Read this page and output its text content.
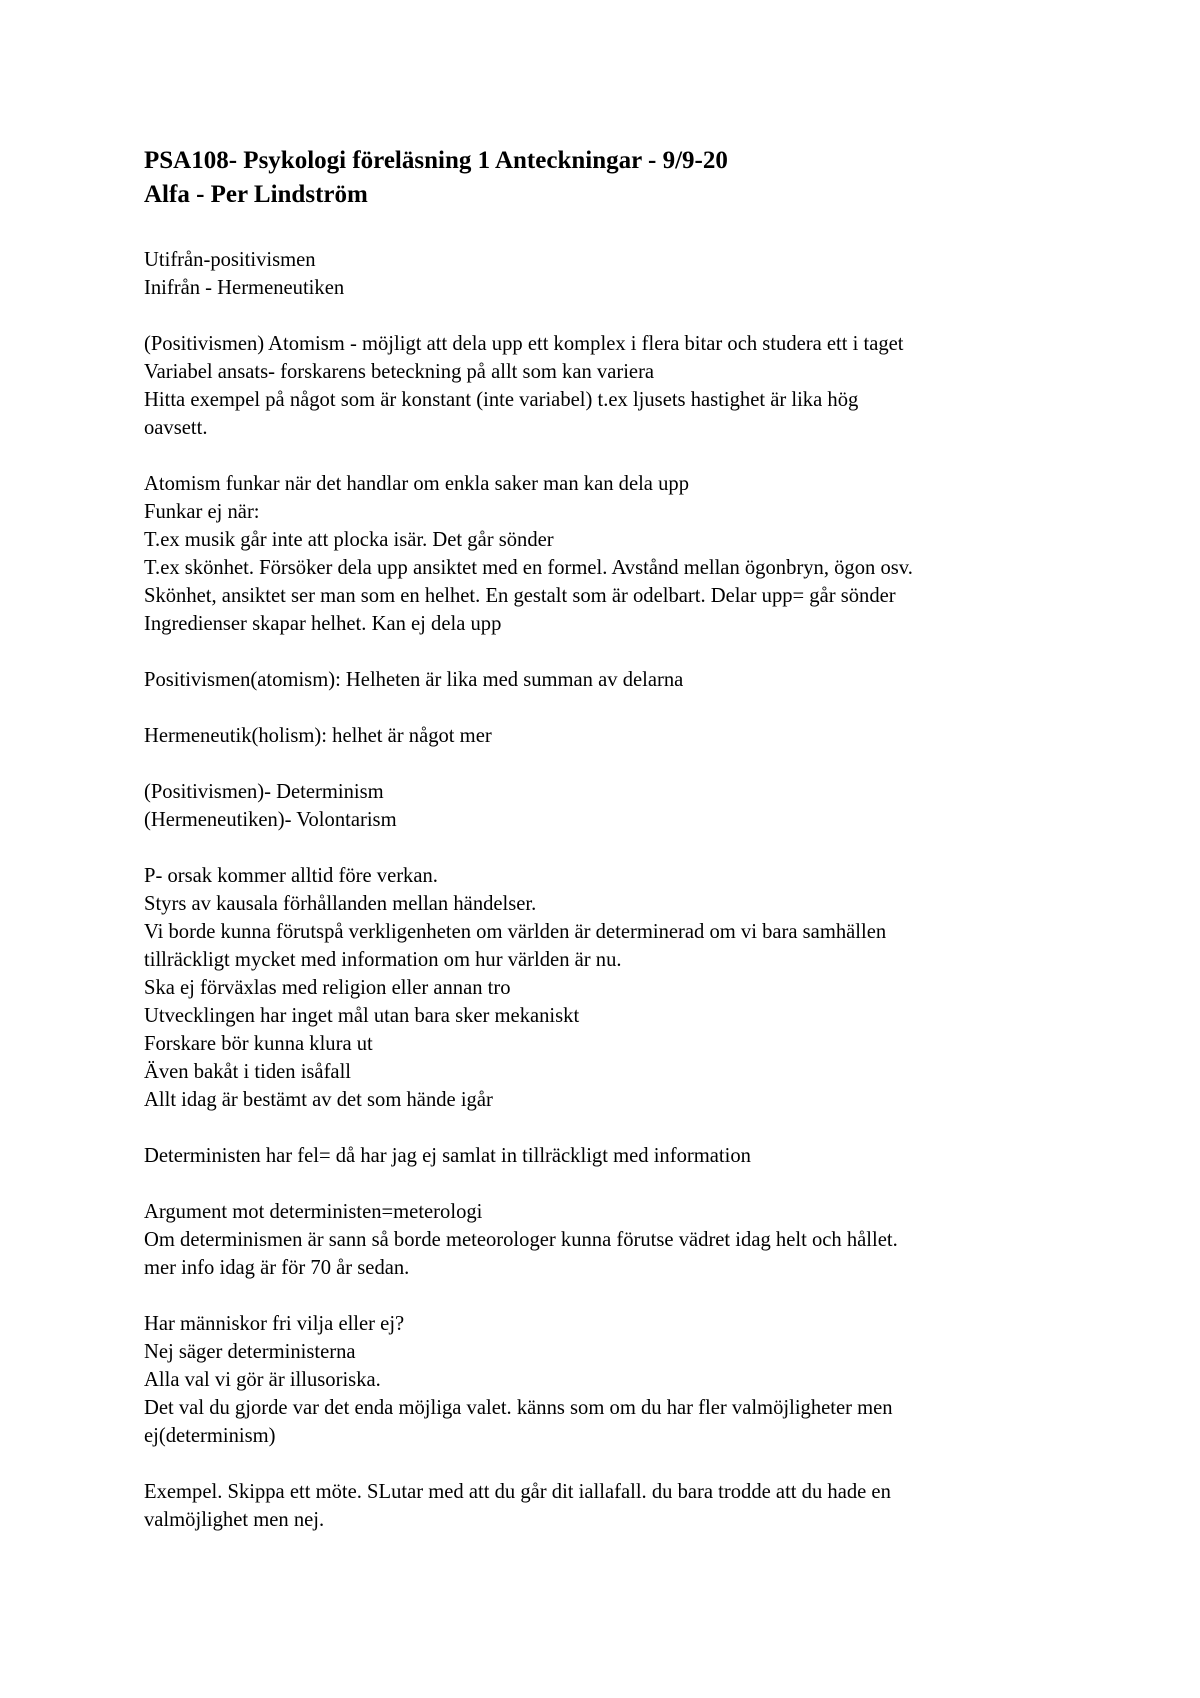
PSA108- Psykologi föreläsning 1 Anteckningar - 9/9-20
Alfa - Per Lindström
Utifrån-positivismen
Inifrån - Hermeneutiken
(Positivismen) Atomism - möjligt att dela upp ett komplex i flera bitar och studera ett i taget
Variabel ansats- forskarens beteckning på allt som kan variera
Hitta exempel på något som är konstant (inte variabel) t.ex ljusets hastighet är lika hög
oavsett.
Atomism funkar när det handlar om enkla saker man kan dela upp
Funkar ej när:
T.ex musik går inte att plocka isär. Det går sönder
T.ex skönhet. Försöker dela upp ansiktet med en formel. Avstånd mellan ögonbryn, ögon osv.
Skönhet, ansiktet ser man som en helhet. En gestalt som är odelbart. Delar upp= går sönder
Ingredienser skapar helhet. Kan ej dela upp
Positivismen(atomism): Helheten är lika med summan av delarna
Hermeneutik(holism): helhet är något mer
(Positivismen)- Determinism
(Hermeneutiken)- Volontarism
P- orsak kommer alltid före verkan.
Styrs av kausala förhållanden mellan händelser.
Vi borde kunna förutspå verkligenheten om världen är determinerad om vi bara samhällen
tillräckligt mycket med information om hur världen är nu.
Ska ej förväxlas med religion eller annan tro
Utvecklingen har inget mål utan bara sker mekaniskt
Forskare bör kunna klura ut
Även bakåt i tiden isåfall
Allt idag är bestämt av det som hände igår
Deterministen har fel= då har jag ej samlat in tillräckligt med information
Argument mot deterministen=meterologi
Om determinismen är sann så borde meteorologer kunna förutse vädret idag helt och hållet.
mer info idag är för 70 år sedan.
Har människor fri vilja eller ej?
Nej säger deterministerna
Alla val vi gör är illusoriska.
Det val du gjorde var det enda möjliga valet. känns som om du har fler valmöjligheter men
ej(determinism)
Exempel. Skippa ett möte. SLutar med att du går dit iallafall. du bara trodde att du hade en
valmöjlighet men nej.
